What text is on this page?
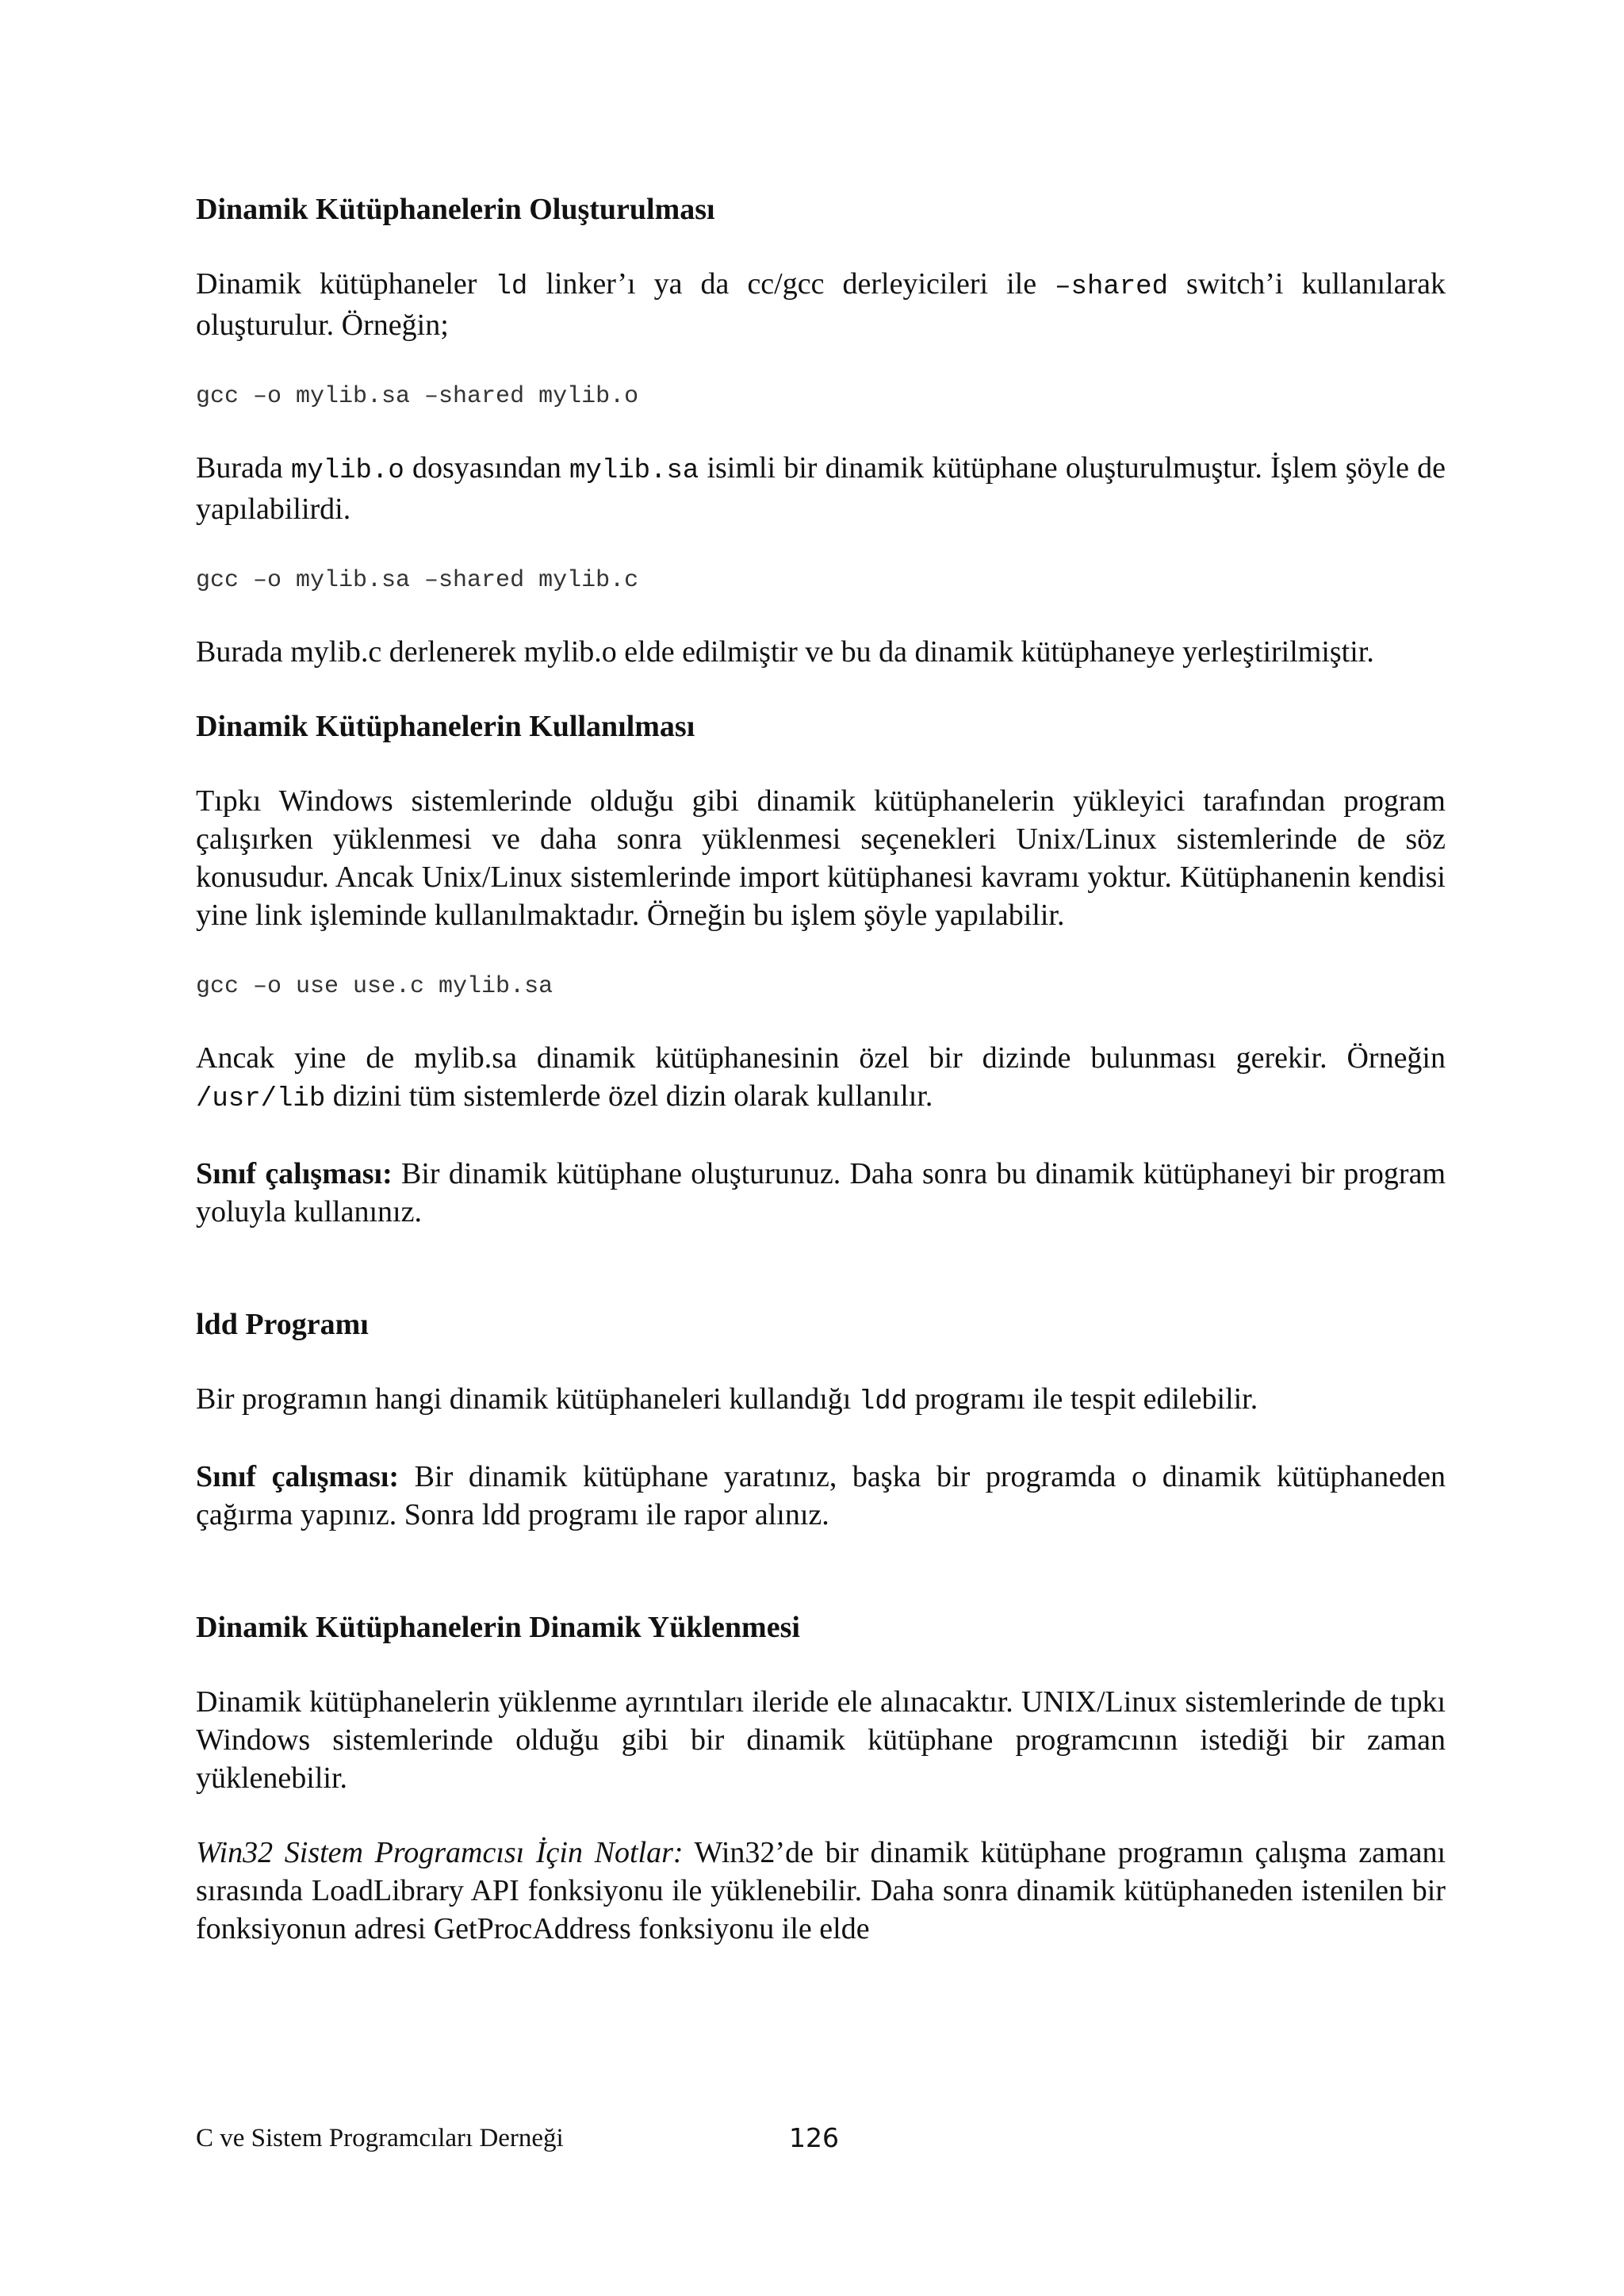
Dinamik Kütüphanelerin Oluşturulması

Dinamik kütüphaneler ld linker’ı ya da cc/gcc derleyicileri ile –shared switch’i kullanılarak oluşturulur. Örneğin;

gcc –o mylib.sa –shared mylib.o

Burada mylib.o dosyasından mylib.sa isimli bir dinamik kütüphane oluşturulmuştur. İşlem şöyle de yapılabilirdi.

gcc –o mylib.sa –shared mylib.c

Burada mylib.c derlenerek mylib.o elde edilmiştir ve bu da dinamik kütüphaneye yerleştirilmiştir.

Dinamik Kütüphanelerin Kullanılması

Tıpkı Windows sistemlerinde olduğu gibi dinamik kütüphanelerin yükleyici tarafından program çalışırken yüklenmesi ve daha sonra yüklenmesi seçenekleri Unix/Linux sistemlerinde de söz konusudur. Ancak Unix/Linux sistemlerinde import kütüphanesi kavramı yoktur. Kütüphanenin kendisi yine link işleminde kullanılmaktadır. Örneğin bu işlem şöyle yapılabilir.

gcc –o use use.c mylib.sa

Ancak yine de mylib.sa dinamik kütüphanesinin özel bir dizinde bulunması gerekir. Örneğin /usr/lib dizini tüm sistemlerde özel dizin olarak kullanılır.

Sınıf çalışması: Bir dinamik kütüphane oluşturunuz. Daha sonra bu dinamik kütüphaneyi bir program yoluyla kullanınız.

ldd Programı

Bir programın hangi dinamik kütüphaneleri kullandığı ldd programı ile tespit edilebilir.

Sınıf çalışması: Bir dinamik kütüphane yaratınız, başka bir programda o dinamik kütüphaneden çağırma yapınız. Sonra ldd programı ile rapor alınız.

Dinamik Kütüphanelerin Dinamik Yüklenmesi

Dinamik kütüphanelerin yüklenme ayrıntıları ileride ele alınacaktır. UNIX/Linux sistemlerinde de tıpkı Windows sistemlerinde olduğu gibi bir dinamik kütüphane programcının istediği bir zaman yüklenebilir.

Win32 Sistem Programcısı İçin Notlar: Win32’de bir dinamik kütüphane programın çalışma zamanı sırasında LoadLibrary API fonksiyonu ile yüklenebilir. Daha sonra dinamik kütüphaneden istenilen bir fonksiyonun adresi GetProcAddress fonksiyonu ile elde

C ve Sistem Programcıları Derneği	126
